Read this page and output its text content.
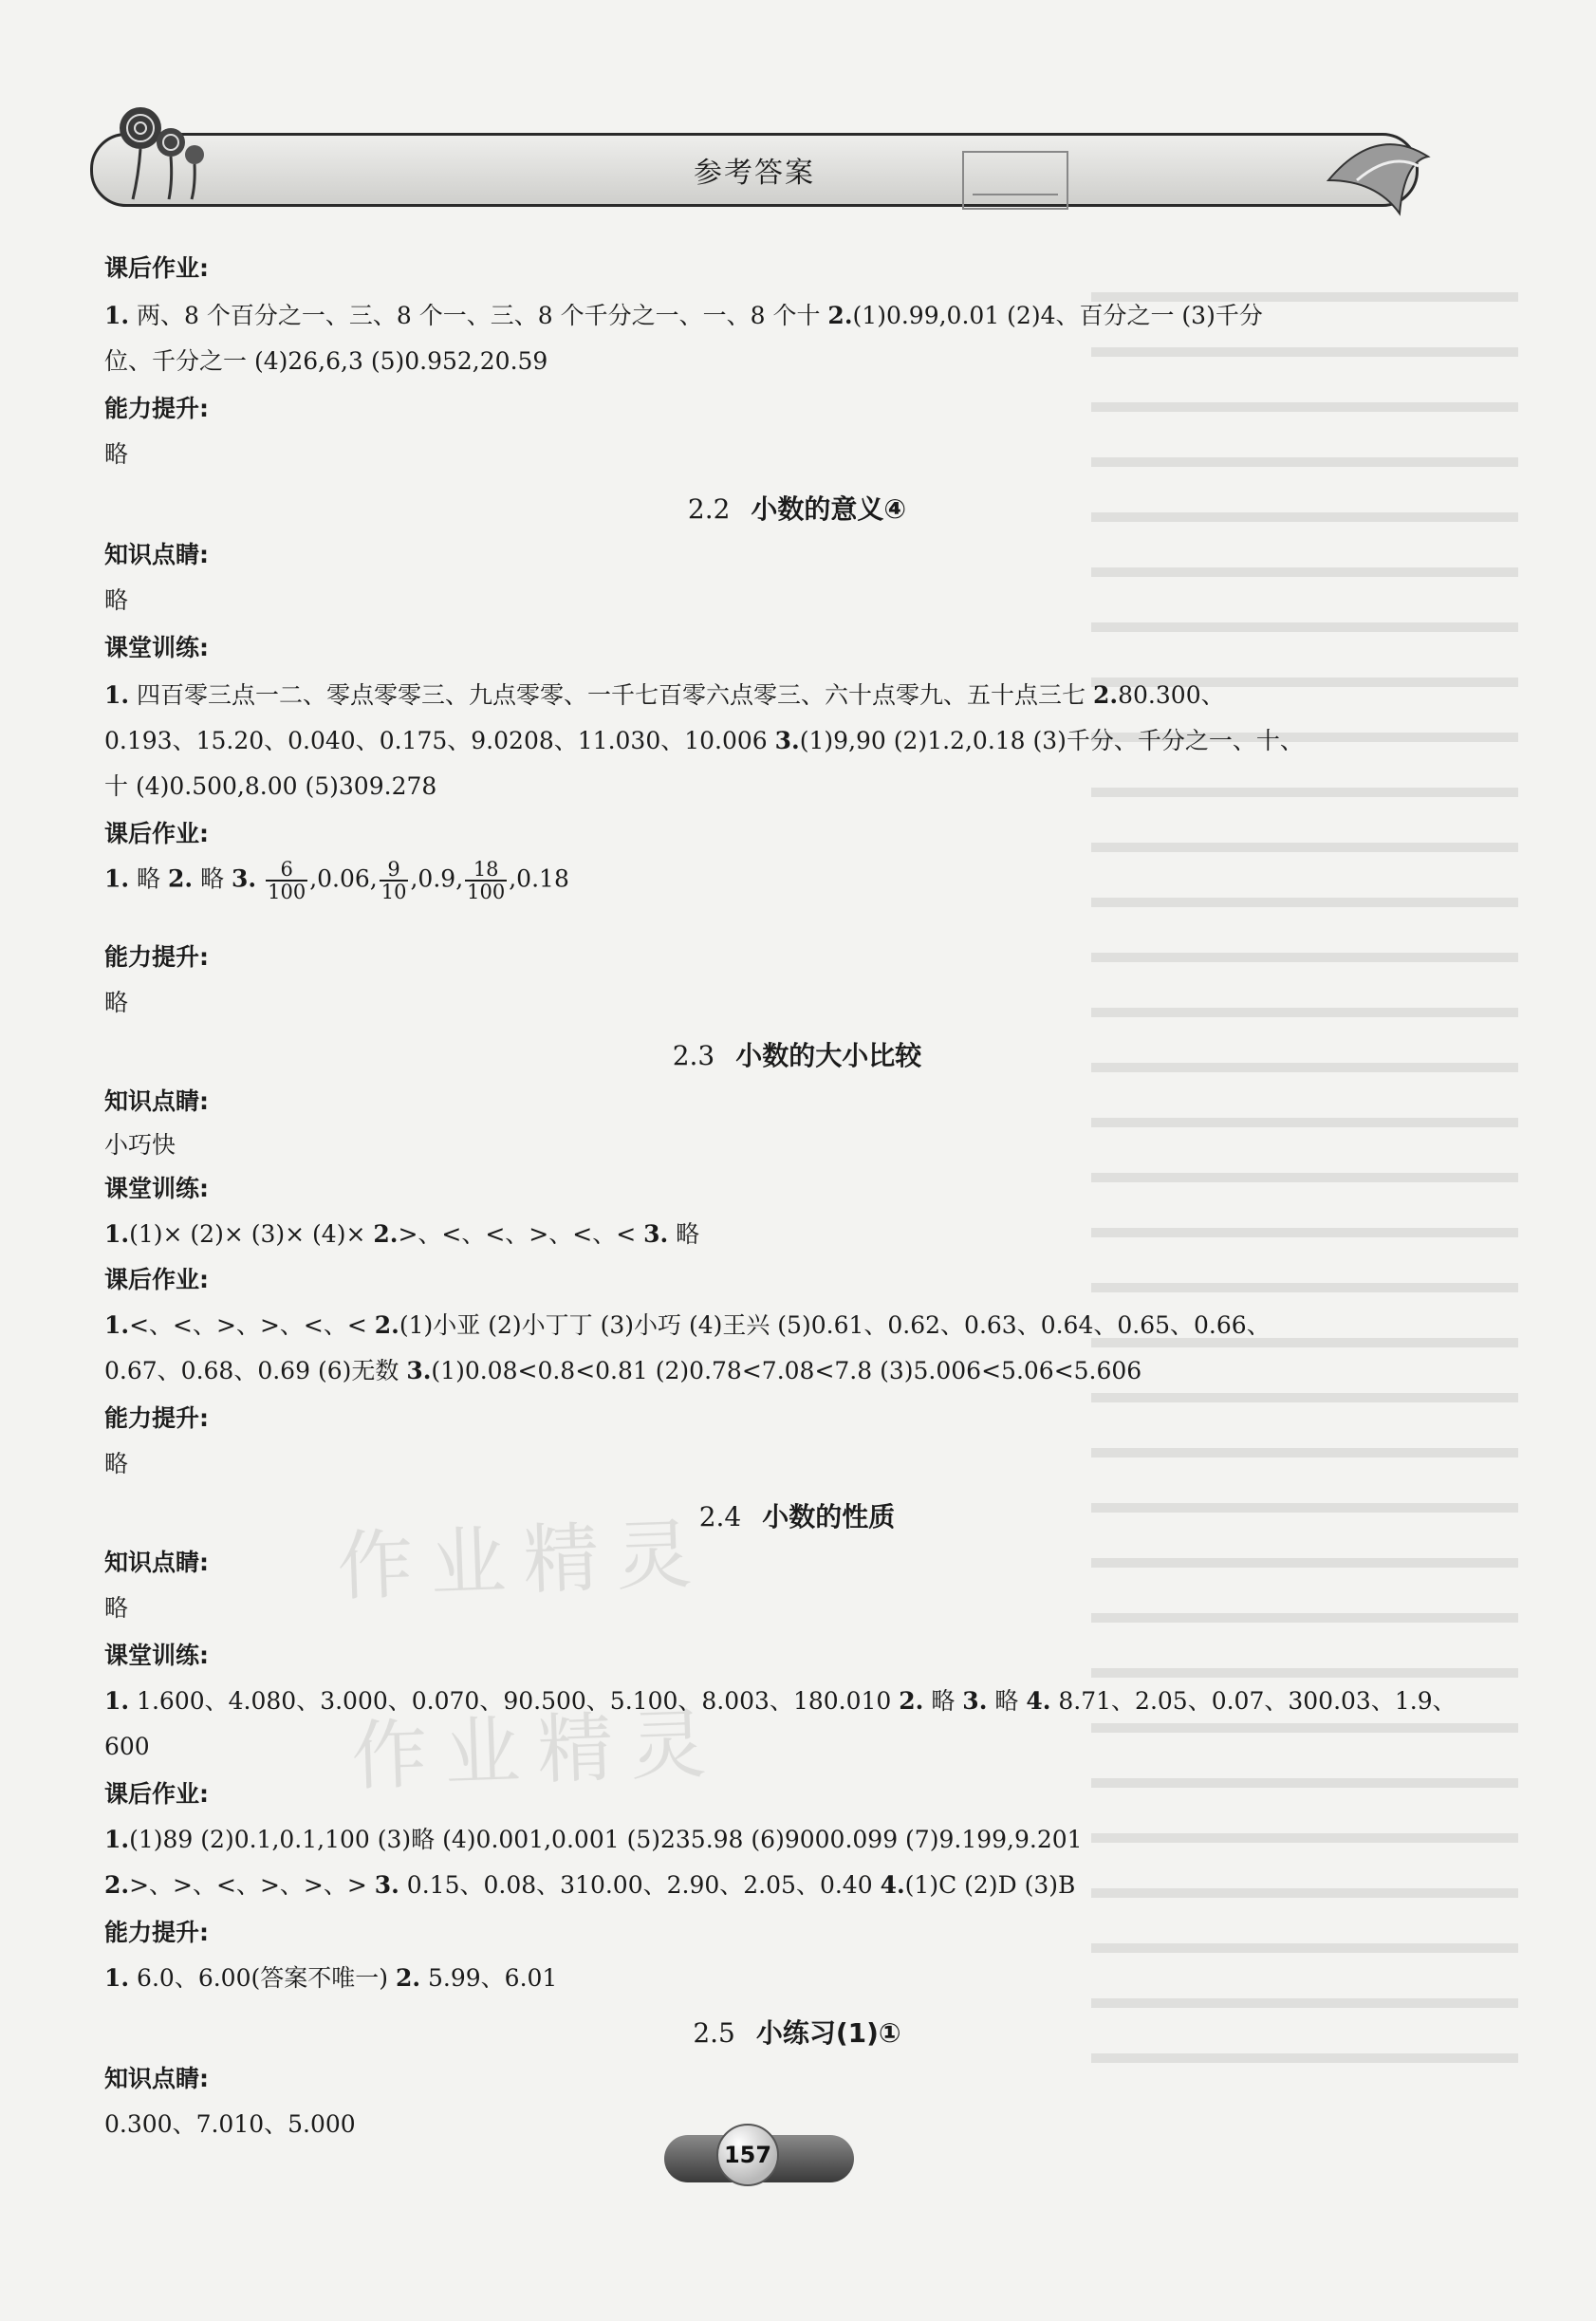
参考答案
作业精灵
作业精灵
课后作业:
1. 两、8 个百分之一、三、8 个一、三、8 个千分之一、一、8 个十 2.(1)0.99,0.01 (2)4、百分之一 (3)千分
位、千分之一 (4)26,6,3 (5)0.952,20.59
能力提升:
略
2.2 小数的意义④
知识点睛:
略
课堂训练:
1. 四百零三点一二、零点零零三、九点零零、一千七百零六点零三、六十点零九、五十点三七 2.80.300、
0.193、15.20、0.040、0.175、9.0208、11.030、10.006 3.(1)9,90 (2)1.2,0.18 (3)千分、千分之一、十、
十 (4)0.500,8.00 (5)309.278
课后作业:
1. 略 2. 略 3. $\frac{6}{100} ,0.06$, $\frac{9}{10} ,0.9$, $\frac{18}{100} ,0.18$
能力提升:
略
2.3 小数的大小比较
知识点睛:
小巧快
课堂训练:
1.(1)× (2)× (3)× (4)× 2.>、<、<、>、<、< 3. 略
课后作业:
1.<、<、>、>、<、< 2.(1)小亚 (2)小丁丁 (3)小巧 (4)王兴 (5)0.61、0.62、0.63、0.64、0.65、0.66、
0.67、0.68、0.69 (6)无数 3.(1)0.08<0.8<0.81 (2)0.78<7.08<7.8 (3)5.006<5.06<5.606
能力提升:
略
2.4 小数的性质
知识点睛:
略
课堂训练:
1. 1.600、4.080、3.000、0.070、90.500、5.100、8.003、180.010 2. 略 3. 略 4. 8.71、2.05、0.07、300.03、1.9、
600
课后作业:
1.(1)89 (2)0.1,0.1,100 (3)略 (4)0.001,0.001 (5)235.98 (6)9000.099 (7)9.199,9.201
2.>、>、<、>、>、> 3. 0.15、0.08、310.00、2.90、2.05、0.40 4.(1)C (2)D (3)B
能力提升:
1. 6.0、6.00(答案不唯一) 2. 5.99、6.01
2.5 小练习(1)①
知识点睛:
0.300、7.010、5.000
157
